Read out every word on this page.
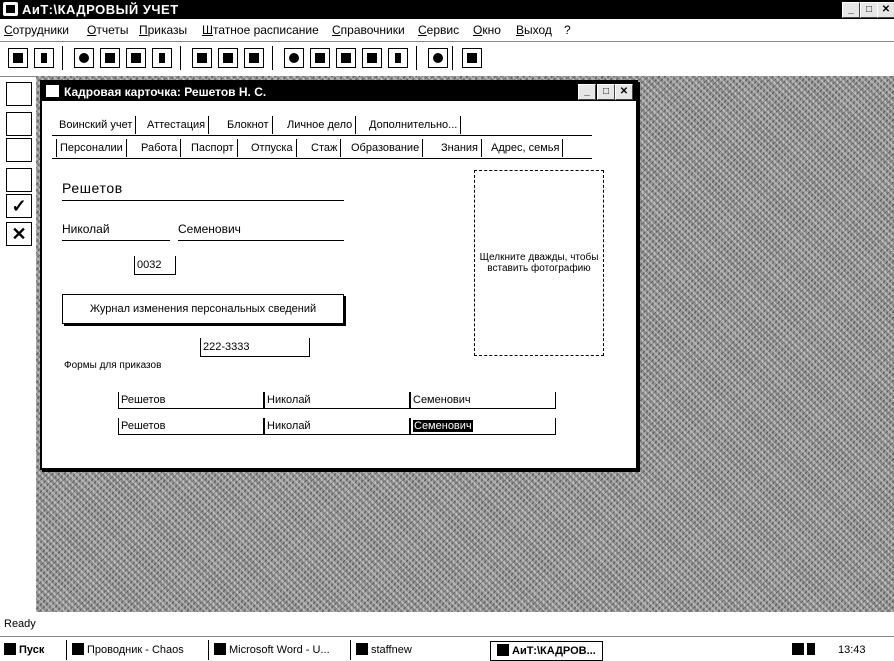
АиТ:\КАДРОВЫЙ УЧЕТ	_	□ ✕
Сотрудники Отчеты Приказы Штатное расписание Справочники Сервис Окно Выход ?
✓
✕
Кадровая карточка: Решетов Н. С.	_	□	✕
Воинский учет	Аттестация	Блокнот	Личное дело	Дополнительно...
Персоналии	Работа	Паспорт	Отпуска	Стаж	Образование	Знания	Адрес, семья
Решетов
Николай	Семенович
0032
Журнал изменения персональных сведений
222-3333
Щелкните дважды, чтобы вставить фотографию
Формы для приказов
Решетов	Николай	Семенович
Решетов	Николай	Семенович
Ready
Пуск	Проводник - Chaos	Microsoft Word - U...	staffnew	АиТ:\КАДРОВ...	13:43
